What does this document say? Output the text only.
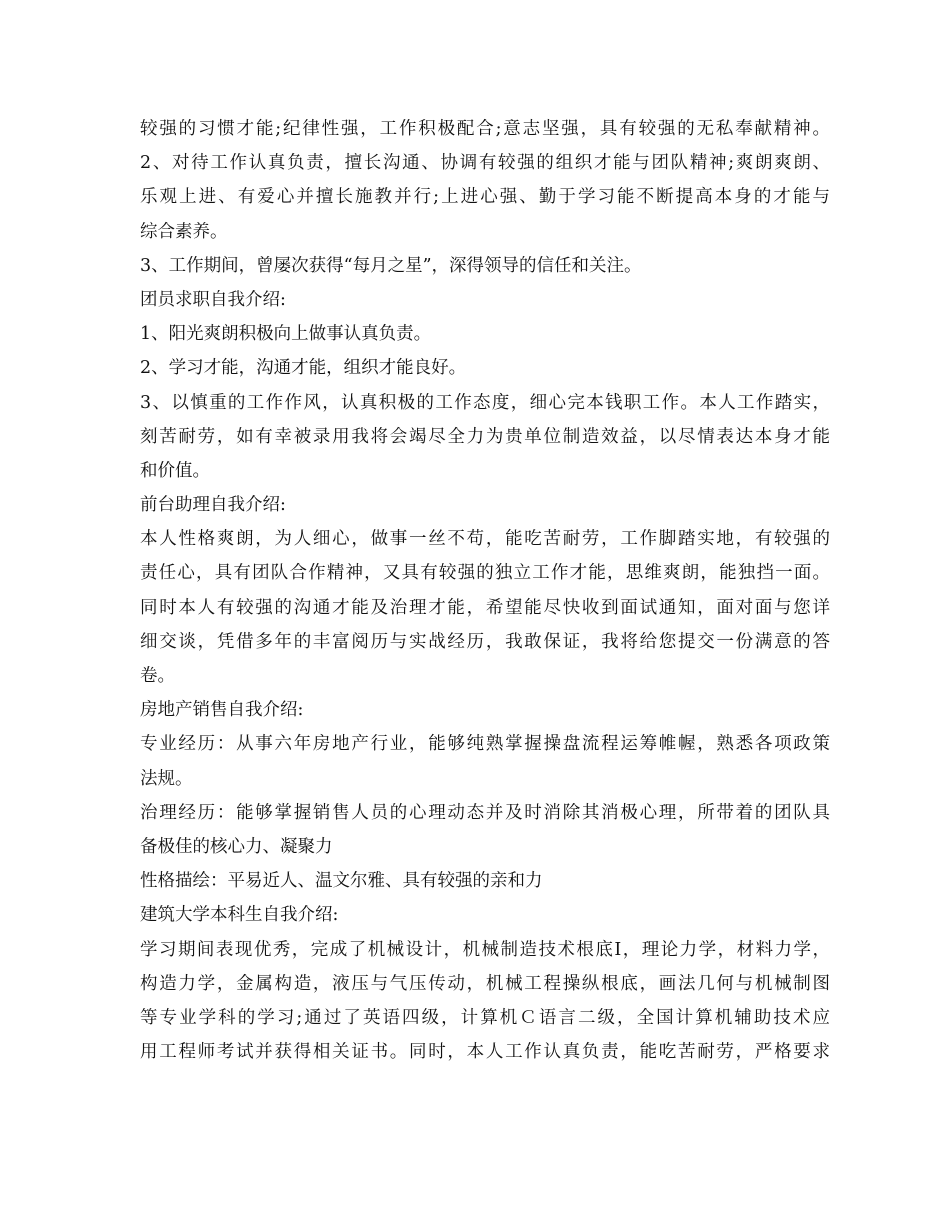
较强的习惯才能;纪律性强，工作积极配合;意志坚强，具有较强的无私奉献精神。
2、对待工作认真负责，擅长沟通、协调有较强的组织才能与团队精神;爽朗爽朗、
乐观上进、有爱心并擅长施教并行;上进心强、勤于学习能不断提高本身的才能与
综合素养。
3、工作期间，曾屡次获得“每月之星”，深得领导的信任和关注。
团员求职自我介绍:
1、阳光爽朗积极向上做事认真负责。
2、学习才能，沟通才能，组织才能良好。
3、以慎重的工作作风，认真积极的工作态度，细心完本钱职工作。本人工作踏实，
刻苦耐劳，如有幸被录用我将会竭尽全力为贵单位制造效益，以尽情表达本身才能
和价值。
前台助理自我介绍:
本人性格爽朗，为人细心，做事一丝不苟，能吃苦耐劳，工作脚踏实地，有较强的
责任心，具有团队合作精神，又具有较强的独立工作才能，思维爽朗，能独挡一面。
同时本人有较强的沟通才能及治理才能，希望能尽快收到面试通知，面对面与您详
细交谈，凭借多年的丰富阅历与实战经历，我敢保证，我将给您提交一份满意的答
卷。
房地产销售自我介绍:
专业经历：从事六年房地产行业，能够纯熟掌握操盘流程运筹帷幄，熟悉各项政策
法规。
治理经历：能够掌握销售人员的心理动态并及时消除其消极心理，所带着的团队具
备极佳的核心力、凝聚力
性格描绘：平易近人、温文尔雅、具有较强的亲和力
建筑大学本科生自我介绍:
学习期间表现优秀，完成了机械设计，机械制造技术根底Ⅰ，理论力学，材料力学，
构造力学，金属构造，液压与气压传动，机械工程操纵根底，画法几何与机械制图
等专业学科的学习;通过了英语四级，计算机Ｃ语言二级，全国计算机辅助技术应
用工程师考试并获得相关证书。同时，本人工作认真负责，能吃苦耐劳，严格要求
